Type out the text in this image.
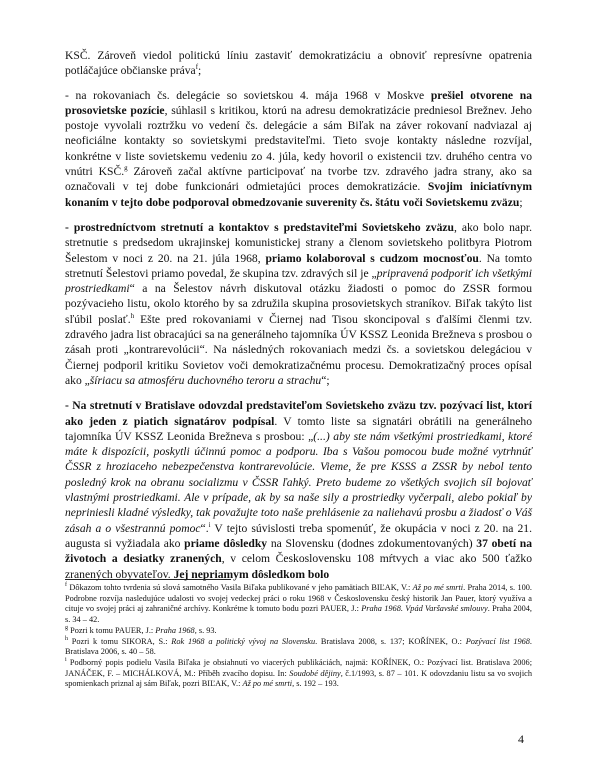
KSČ. Zároveň viedol politickú líniu zastaviť demokratizáciu a obnoviť represívne opatrenia potláčajúce občianske práva$^f$;

- na rokovaniach čs. delegácie so sovietskou 4. mája 1968 v Moskve prešiel otvorene na prosovietske pozície, súhlasil s kritikou, ktorú na adresu demokratizácie predniesol Brežnev. Jeho postoje vyvolali roztržku vo vedení čs. delegácie a sám Biľak na záver rokovaní nadviazal aj neoficiálne kontakty so sovietskymi predstaviteľmi. Tieto svoje kontakty následne rozvíjal, konkrétne v liste sovietskemu vedeniu zo 4. júla, kedy hovoril o existencii tzv. druhého centra vo vnútri KSČ.$^g$ Zároveň začal aktívne participovať na tvorbe tzv. zdravého jadra strany, ako sa označovali v tej dobe funkcionári odmietajúci proces demokratizácie. Svojim iniciatívnym konaním v tejto dobe podporoval obmedzovanie suverenity čs. štátu voči Sovietskemu zväzu;

- prostredníctvom stretnutí a kontaktov s predstaviteľmi Sovietskeho zväzu, ako bolo napr. stretnutie s predsedom ukrajinskej komunistickej strany a členom sovietskeho politbyra Piotrom Šelestom v noci z 20. na 21. júla 1968, priamo kolaboroval s cudzom mocnosťou. Na tomto stretnutí Šelestovi priamo povedal, že skupina tzv. zdravých sil je „pripravená podporiť ich všetkými prostriedkami“ a na Šelestov návrh diskutoval otázku žiadosti o pomoc do ZSSR formou pozývacieho listu, okolo ktorého by sa združila skupina prosovietskych straníkov. Biľak takýto list sľúbil poslať.$^h$ Ešte pred rokovaniami v Čiernej nad Tisou skoncipoval s ďalšími členmi tzv. zdravého jadra list obracajúci sa na generálneho tajomníka ÚV KSSZ Leonida Brežneva s prosbou o zásah proti „kontrarevolúcii“. Na následných rokovaniach medzi čs. a sovietskou delegáciou v Čiernej podporil kritiku Sovietov voči demokratizačnému procesu. Demokratizačný proces opísal ako „šíriacu sa atmosféru duchovného teroru a strachu“;

- Na stretnutí v Bratislave odovzdal predstaviteľom Sovietskeho zväzu tzv. pozývací list, ktorí ako jeden z piatich signatárov podpísal. V tomto liste sa signatári obrátili na generálneho tajomníka ÚV KSSZ Leonida Brežneva s prosbou: „(...) aby ste nám všetkými prostriedkami, ktoré máte k dispozícii, poskytli účinnú pomoc a podporu. Iba s Vašou pomocou bude možné vytrhnúť ČSSR z hroziaceho nebezpečenstva kontrarevolúcie. Vieme, že pre KSSS a ZSSR by nebol tento posledný krok na obranu socializmu v ČSSR ľahký. Preto budeme zo všetkých svojich síl bojovať vlastnými prostriedkami. Ale v prípade, ak by sa naše sily a prostriedky vyčerpali, alebo pokiaľ by nepriniesli kladné výsledky, tak považujte toto naše prehlásenie za naliehavú prosbu a žiadosť o Váš zásah a o všestrannú pomoc“.$^i$ V tejto súvislosti treba spomenúť, že okupácia v noci z 20. na 21. augusta si vyžiadala ako priame dôsledky na Slovensku (dodnes zdokumentovaných) 37 obetí na životoch a desiatky zranených, v celom Československu 108 mŕtvych a viac ako 500 ťažko zranených obyvateľov. Jej nepriamym dôsledkom bolo

$^f$ Dôkazom tohto tvrdenia sú slová samotného Vasila Biľaka publikované v jeho pamätiach BIĽAK, V.: Až po mé smrti. Praha 2014, s. 100. Podrobne rozvíja nasledujúce udalosti vo svojej vedeckej práci o roku 1968 v Československu český historik Jan Pauer, ktorý využíva a cituje vo svojej práci aj zahraničné archívy. Konkrétne k tomuto bodu pozri PAUER, J.: Praha 1968. Vpád Varšavské smlouvy. Praha 2004, s. 34 – 42.

$^g$ Pozri k tomu PAUER, J.: Praha 1968, s. 93.

$^h$ Pozri k tomu SIKORA, S.: Rok 1968 a politický vývoj na Slovensku. Bratislava 2008, s. 137; KOŘÍNEK, O.: Pozývací list 1968. Bratislava 2006, s. 40 – 58.

$^i$ Podborný popis podielu Vasila Biľaka je obsiahnutí vo viacerých publikáciách, najmä: KOŘÍNEK, O.: Pozývací list. Bratislava 2006; JANÁČEK, F. – MICHÁLKOVÁ, M.: Příběh zvacího dopisu. In: Soudobé dějiny, č.1/1993, s. 87 – 101. K odovzdaniu listu sa vo svojich spomienkach priznal aj sám Biľak, pozri BIĽAK, V.: Až po mé smrti, s. 192 – 193.

4
